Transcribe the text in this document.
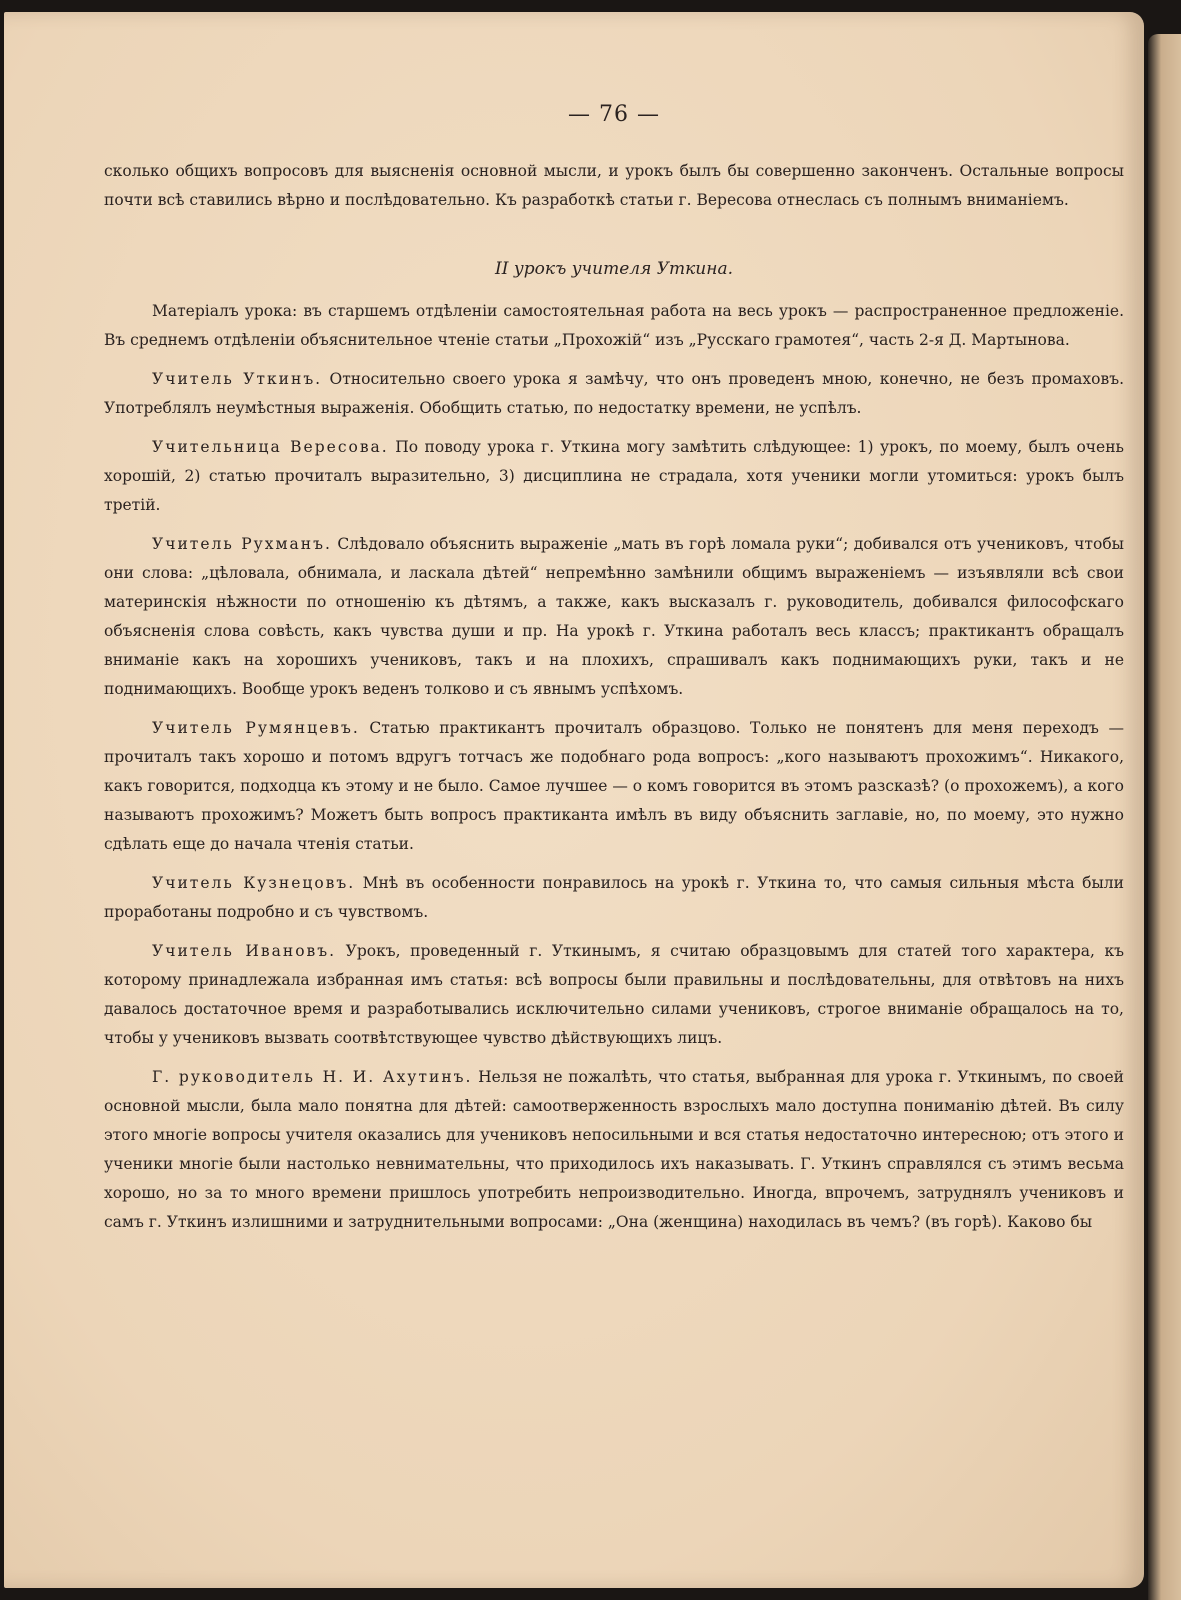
— 76 —

сколько общихъ вопросовъ для выясненія основной мысли, и урокъ былъ бы совершенно законченъ. Остальные вопросы почти всѣ ставились вѣрно и послѣдовательно. Къ разработкѣ статьи г. Вересова отнеслась съ полнымъ вниманіемъ.

II урокъ учителя Уткина.

Матеріалъ урока: въ старшемъ отдѣленіи самостоятельная работа на весь урокъ — распространенное предложеніе. Въ среднемъ отдѣленіи объяснительное чтеніе статьи „Прохожій“ изъ „Русскаго грамотея“, часть 2-я Д. Мартынова.

Учитель Уткинъ. Относительно своего урока я замѣчу, что онъ проведенъ мною, конечно, не безъ промаховъ. Употреблялъ неумѣстныя выраженія. Обобщить статью, по недостатку времени, не успѣлъ.

Учительница Вересова. По поводу урока г. Уткина могу замѣтить слѣдующее: 1) урокъ, по моему, былъ очень хорошій, 2) статью прочиталъ выразительно, 3) дисциплина не страдала, хотя ученики могли утомиться: урокъ былъ третій.

Учитель Рухманъ. Слѣдовало объяснить выраженіе „мать въ горѣ ломала руки“; добивался отъ учениковъ, чтобы они слова: „цѣловала, обнимала, и ласкала дѣтей“ непремѣнно замѣнили общимъ выраженіемъ — изъявляли всѣ свои материнскія нѣжности по отношенію къ дѣтямъ, а также, какъ высказалъ г. руководитель, добивался философскаго объясненія слова совѣсть, какъ чувства души и пр. На урокѣ г. Уткина работалъ весь классъ; практикантъ обращалъ вниманіе какъ на хорошихъ учениковъ, такъ и на плохихъ, спрашивалъ какъ поднимающихъ руки, такъ и не поднимающихъ. Вообще урокъ веденъ толково и съ явнымъ успѣхомъ.

Учитель Румянцевъ. Статью практикантъ прочиталъ образцово. Только не понятенъ для меня переходъ — прочиталъ такъ хорошо и потомъ вдругъ тотчасъ же подобнаго рода вопросъ: „кого называютъ прохожимъ“. Никакого, какъ говорится, подходца къ этому и не было. Самое лучшее — о комъ говорится въ этомъ разсказѣ? (о прохожемъ), а кого называютъ прохожимъ? Можетъ быть вопросъ практиканта имѣлъ въ виду объяснить заглавіе, но, по моему, это нужно сдѣлать еще до начала чтенія статьи.

Учитель Кузнецовъ. Мнѣ въ особенности понравилось на урокѣ г. Уткина то, что самыя сильныя мѣста были проработаны подробно и съ чувствомъ.

Учитель Ивановъ. Урокъ, проведенный г. Уткинымъ, я считаю образцовымъ для статей того характера, къ которому принадлежала избранная имъ статья: всѣ вопросы были правильны и послѣдовательны, для отвѣтовъ на нихъ давалось достаточное время и разработывались исключительно силами учениковъ, строгое вниманіе обращалось на то, чтобы у учениковъ вызвать соотвѣтствующее чувство дѣйствующихъ лицъ.

Г. руководитель Н. И. Ахутинъ. Нельзя не пожалѣть, что статья, выбранная для урока г. Уткинымъ, по своей основной мысли, была мало понятна для дѣтей: самоотверженность взрослыхъ мало доступна пониманію дѣтей. Въ силу этого многіе вопросы учителя оказались для учениковъ непосильными и вся статья недостаточно интересною; отъ этого и ученики многіе были настолько невнимательны, что приходилось ихъ наказывать. Г. Уткинъ справлялся съ этимъ весьма хорошо, но за то много времени пришлось употребить непроизводительно. Иногда, впрочемъ, затруднялъ учениковъ и самъ г. Уткинъ излишними и затруднительными вопросами: „Она (женщина) находилась въ чемъ? (въ горѣ). Каково бы
